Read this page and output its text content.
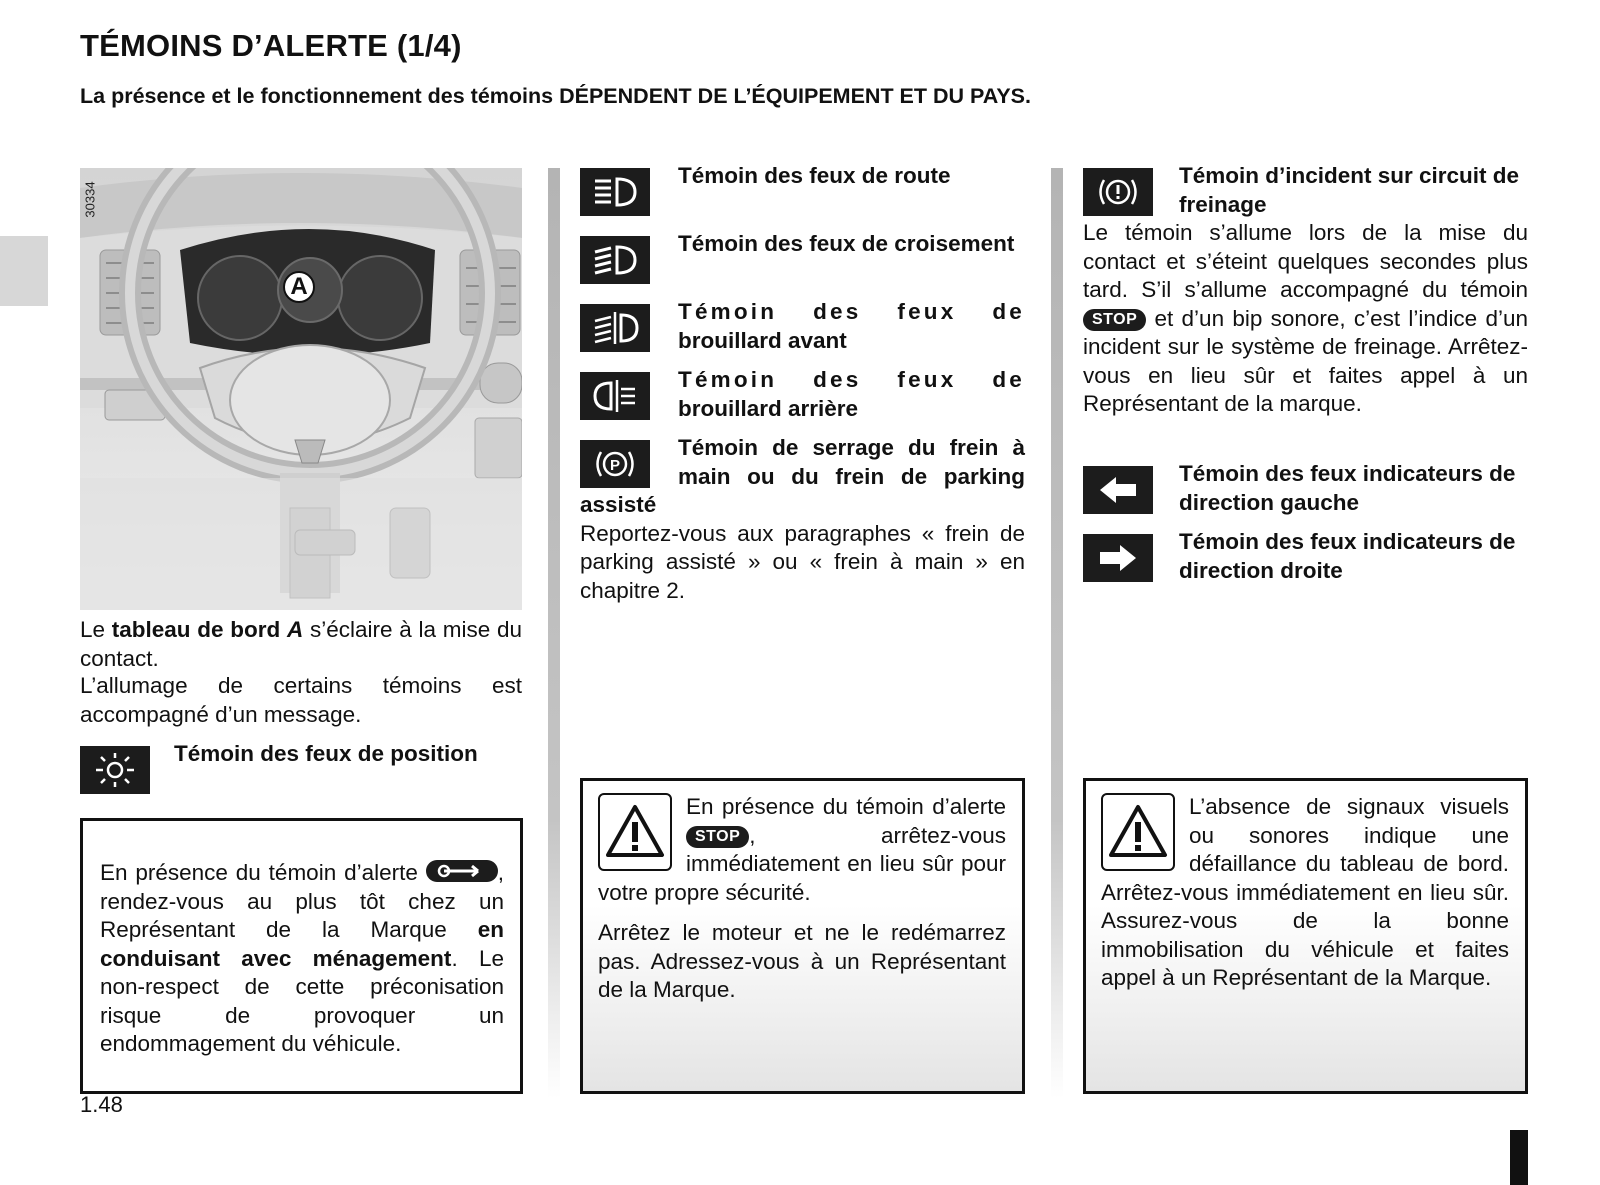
TÉMOINS D’ALERTE (1/4)
La présence et le fonctionnement des témoins DÉPENDENT DE L’ÉQUIPEMENT ET DU PAYS.
30334
A
Le tableau de bord A s’éclaire à la mise du contact.
L’allumage de certains témoins est accompagné d’un message.
Témoin des feux de position
En présence du témoin d’alerte	, rendez-vous au plus tôt chez un Représentant de la Marque en conduisant avec ménagement. Le non-respect de cette préconisation risque de provoquer un endommagement du véhicule.
1.48
Témoin des feux de route
Témoin des feux de croisement
Témoin des feux de
brouillard avant
Témoin des feux de
brouillard arrière
P
Témoin de serrage du frein à main ou du frein de parking assisté
Reportez-vous aux paragraphes « frein de parking assisté » ou « frein à main » en chapitre 2.
En présence du témoin d’alerte STOP , arrêtez-vous immédiatement en lieu sûr pour votre propre sécurité.
Arrêtez le moteur et ne le redémarrez pas. Adressez-vous à un Représentant de la Marque.
Témoin d’incident sur circuit de freinage
Le témoin s’allume lors de la mise du contact et s’éteint quelques secondes plus tard. S’il s’allume accompagné du témoin STOP et d’un bip sonore, c’est l’indice d’un incident sur le système de freinage. Arrêtez-vous en lieu sûr et faites appel à un Représentant de la marque.
Témoin des feux indicateurs de direction gauche
Témoin des feux indicateurs de direction droite
L’absence de signaux visuels ou sonores indique une défaillance du tableau de bord. Arrêtez-vous immédiatement en lieu sûr. Assurez-vous de la bonne immobilisation du véhicule et faites appel à un Représentant de la Marque.
